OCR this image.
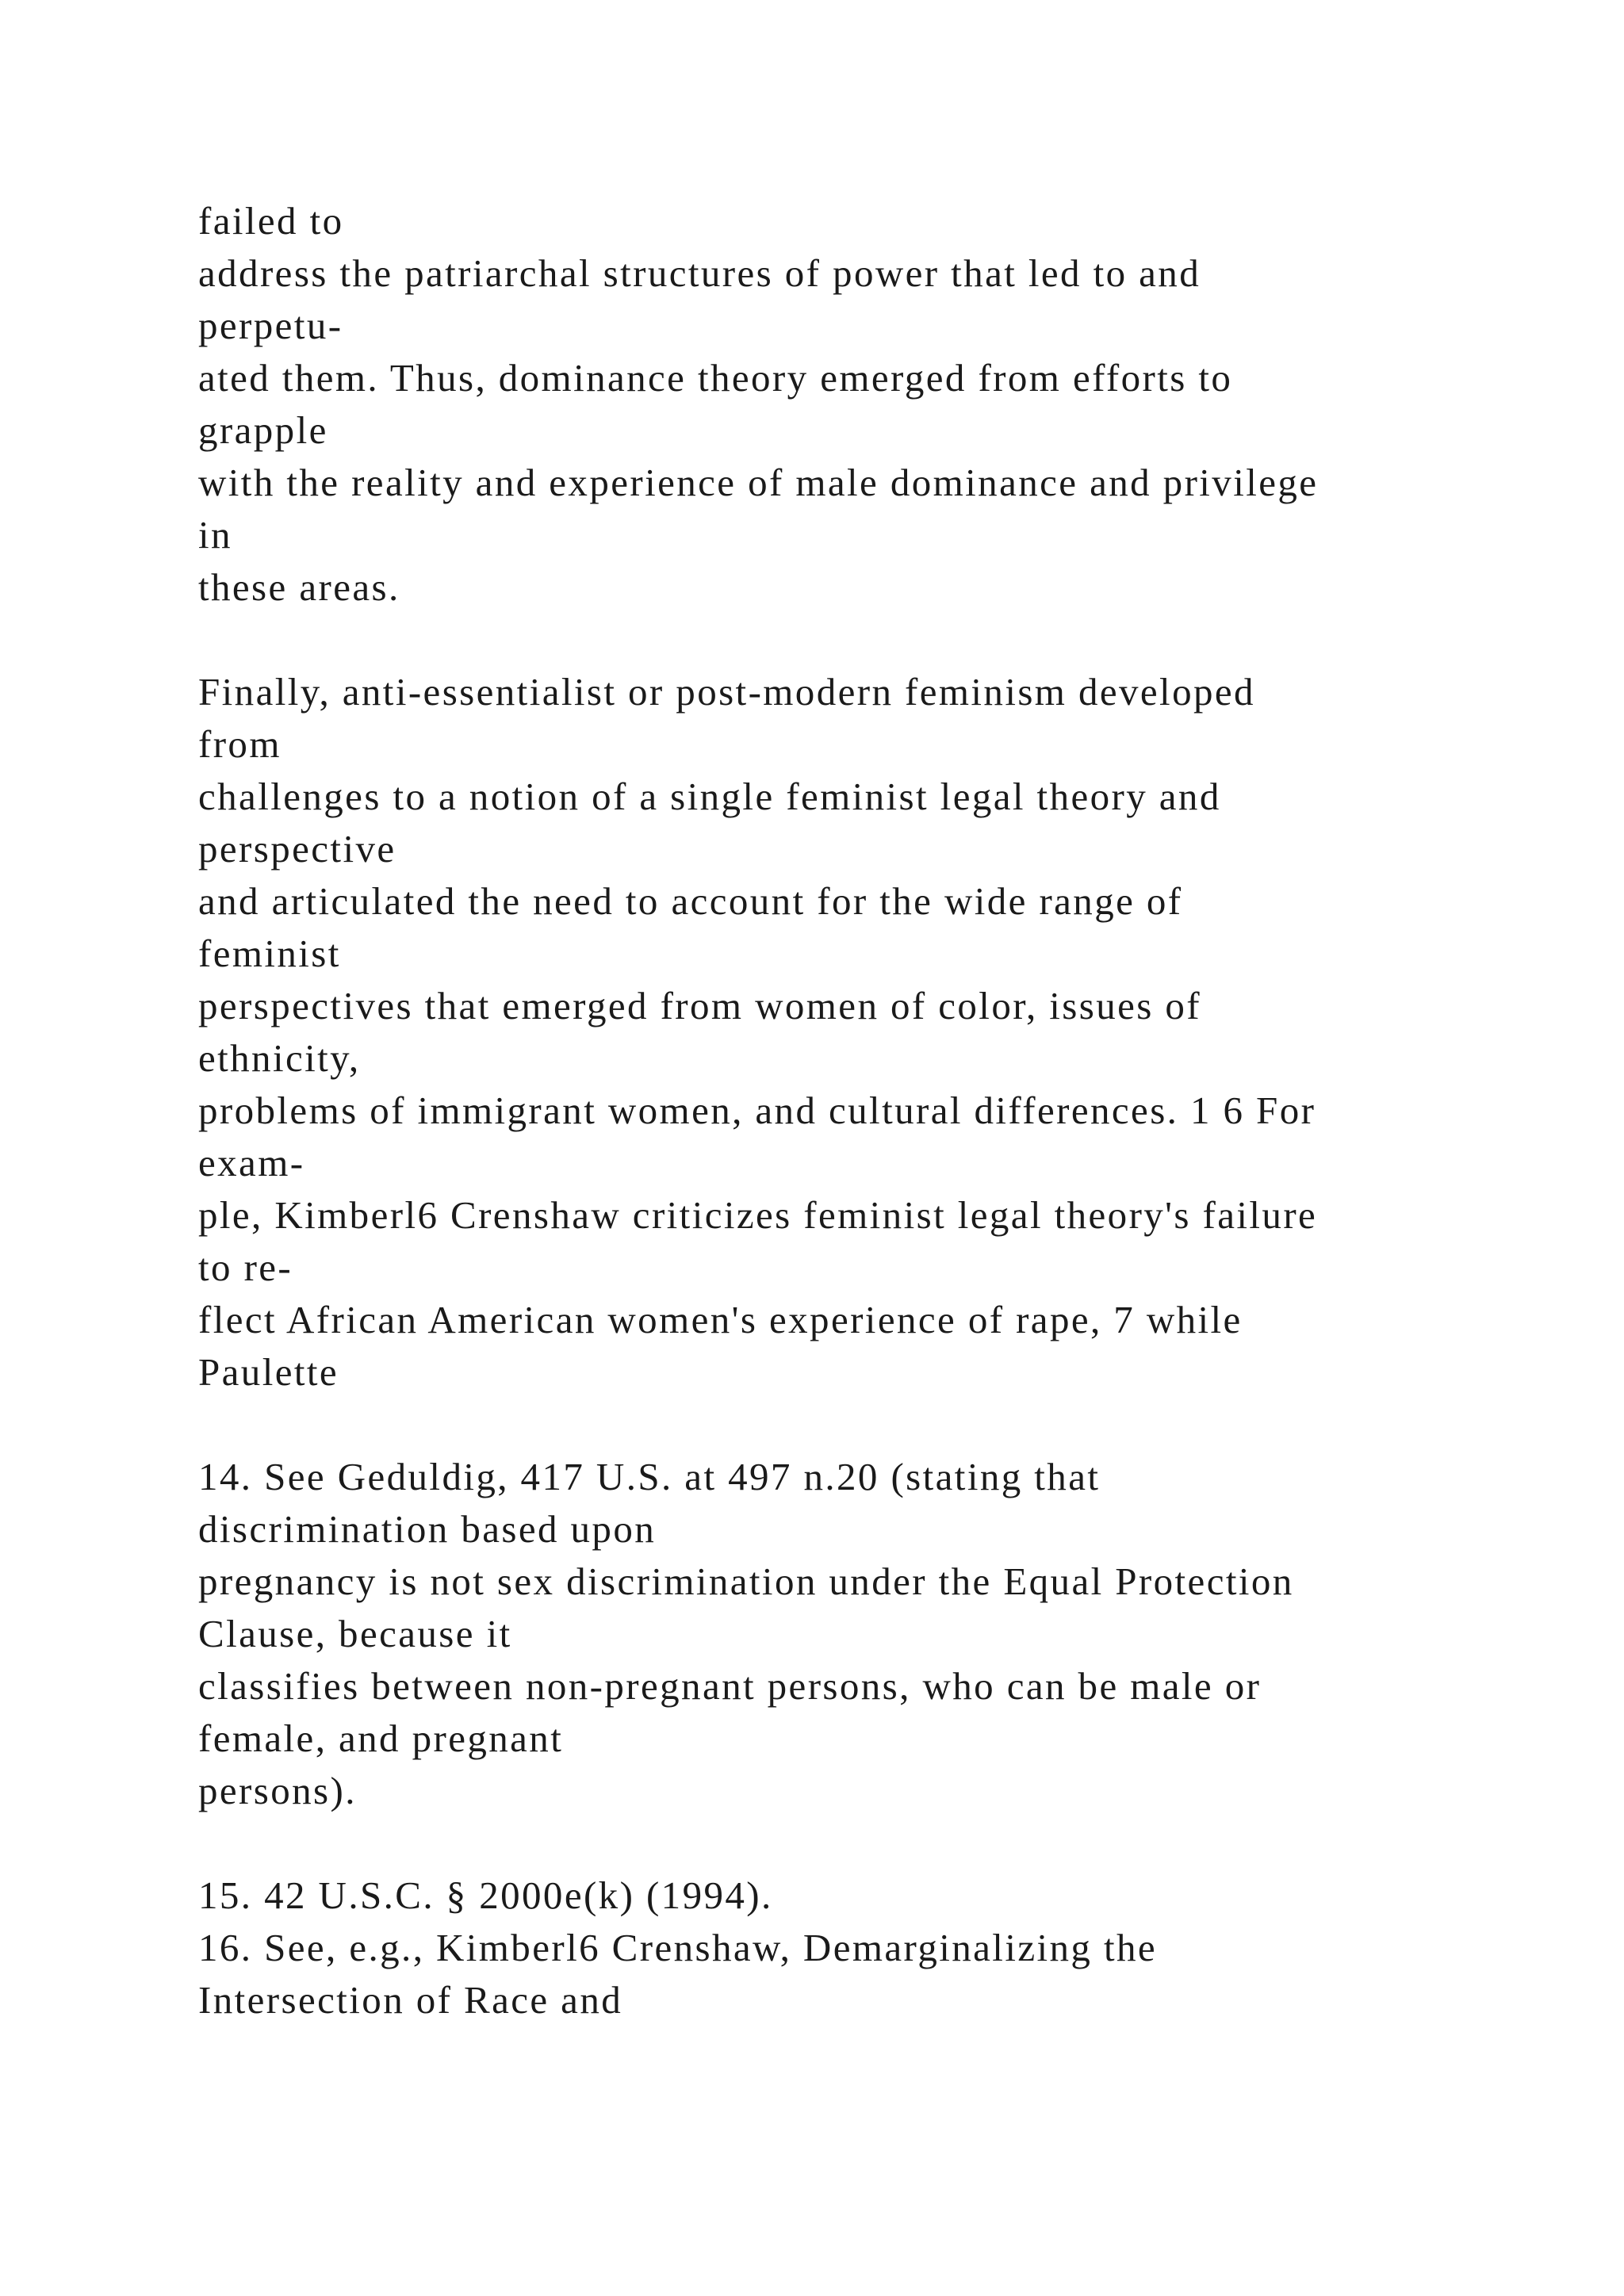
failed to
address the patriarchal structures of power that led to and
perpetu-
ated them. Thus, dominance theory emerged from efforts to
grapple
with the reality and experience of male dominance and privilege
in
these areas.
Finally, anti-essentialist or post-modern feminism developed
from
challenges to a notion of a single feminist legal theory and
perspective
and articulated the need to account for the wide range of
feminist
perspectives that emerged from women of color, issues of
ethnicity,
problems of immigrant women, and cultural differences. 1 6 For
exam-
ple, Kimberl6 Crenshaw criticizes feminist legal theory's failure
to re-
flect African American women's experience of rape, 7 while
Paulette
14. See Geduldig, 417 U.S. at 497 n.20 (stating that
discrimination based upon
pregnancy is not sex discrimination under the Equal Protection
Clause, because it
classifies between non-pregnant persons, who can be male or
female, and pregnant
persons).
15. 42 U.S.C. § 2000e(k) (1994).
16. See, e.g., Kimberl6 Crenshaw, Demarginalizing the
Intersection of Race and
